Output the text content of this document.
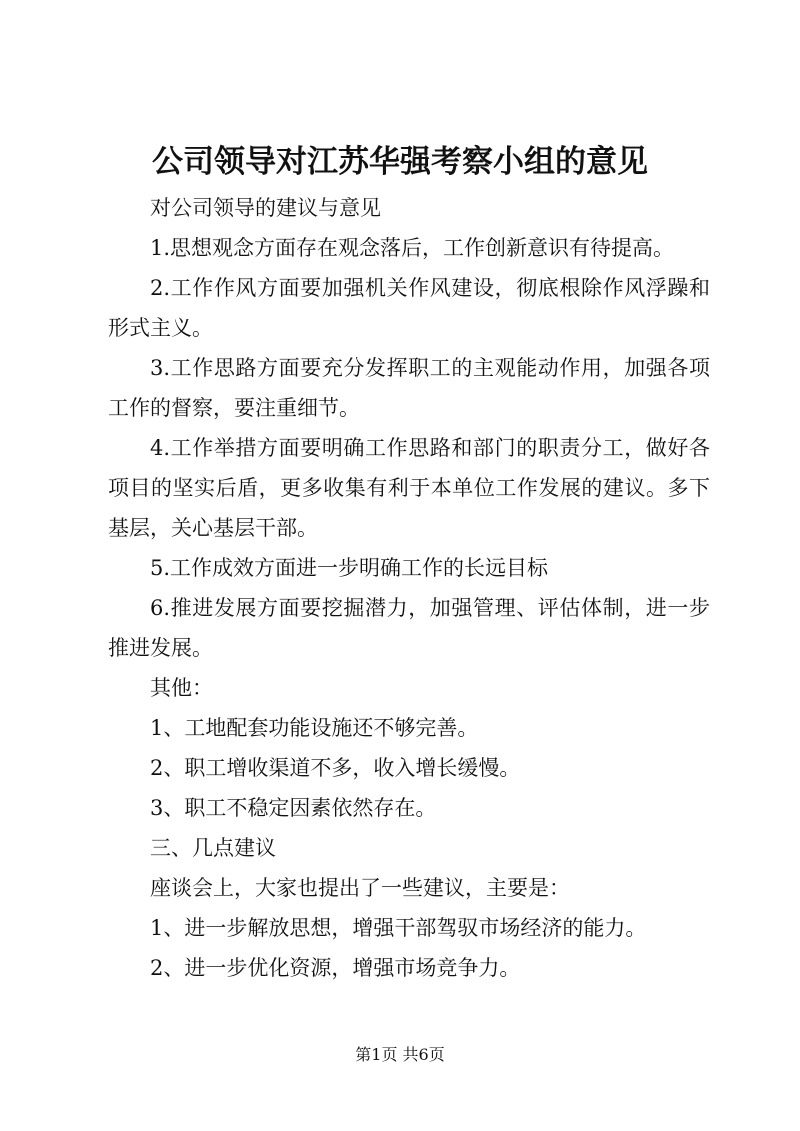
公司领导对江苏华强考察小组的意见

对公司领导的建议与意见

1.思想观念方面存在观念落后，工作创新意识有待提高。

2.工作作风方面要加强机关作风建设，彻底根除作风浮躁和形式主义。

3.工作思路方面要充分发挥职工的主观能动作用，加强各项工作的督察，要注重细节。

4.工作举措方面要明确工作思路和部门的职责分工，做好各项目的坚实后盾，更多收集有利于本单位工作发展的建议。多下基层，关心基层干部。

5.工作成效方面进一步明确工作的长远目标

6.推进发展方面要挖掘潜力，加强管理、评估体制，进一步推进发展。

其他：

1、工地配套功能设施还不够完善。

2、职工增收渠道不多，收入增长缓慢。

3、职工不稳定因素依然存在。

三、几点建议

座谈会上，大家也提出了一些建议，主要是：

1、进一步解放思想，增强干部驾驭市场经济的能力。

2、进一步优化资源，增强市场竞争力。

第1页 共6页
